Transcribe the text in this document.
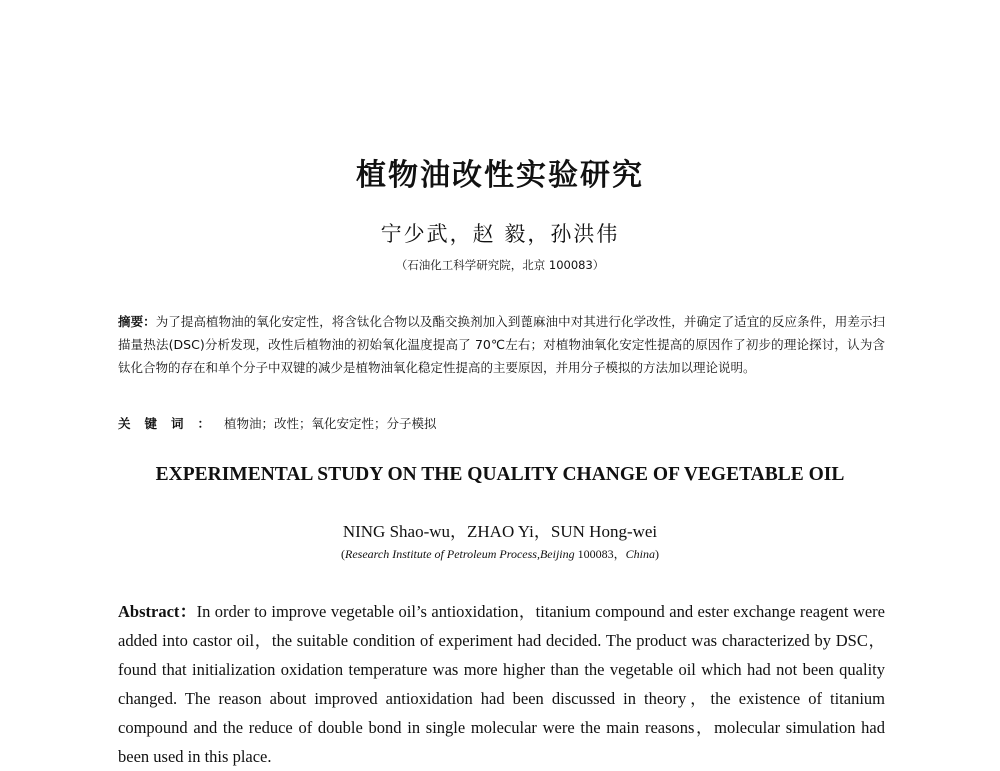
植物油改性实验研究
宁少武，赵 毅，孙洪伟
（石油化工科学研究院，北京 100083）

摘要：为了提高植物油的氧化安定性，将含钛化合物以及酯交换剂加入到蓖麻油中对其进行化学改性，并确定了适宜的反应条件，用差示扫描量热法(DSC)分析发现，改性后植物油的初始氧化温度提高了 70℃左右；对植物油氧化安定性提高的原因作了初步的理论探讨，认为含钛化合物的存在和单个分子中双键的减少是植物油氧化稳定性提高的主要原因，并用分子模拟的方法加以理论说明。

关键词：植物油；改性；氧化安定性；分子模拟
EXPERIMENTAL STUDY ON THE QUALITY CHANGE OF VEGETABLE OIL
NING Shao-wu，ZHAO Yi，SUN Hong-wei
(Research Institute of Petroleum Process,Beijing 100083，China)

Abstract：In order to improve vegetable oil’s antioxidation，titanium compound and ester exchange reagent were added into castor oil，the suitable condition of experiment had decided. The product was characterized by DSC，found that initialization oxidation temperature was more higher than the vegetable oil which had not been quality changed. The reason about improved antioxidation had been discussed in theory，the existence of titanium compound and the reduce of double bond in single molecular were the main reasons，molecular simulation had been used in this place.
